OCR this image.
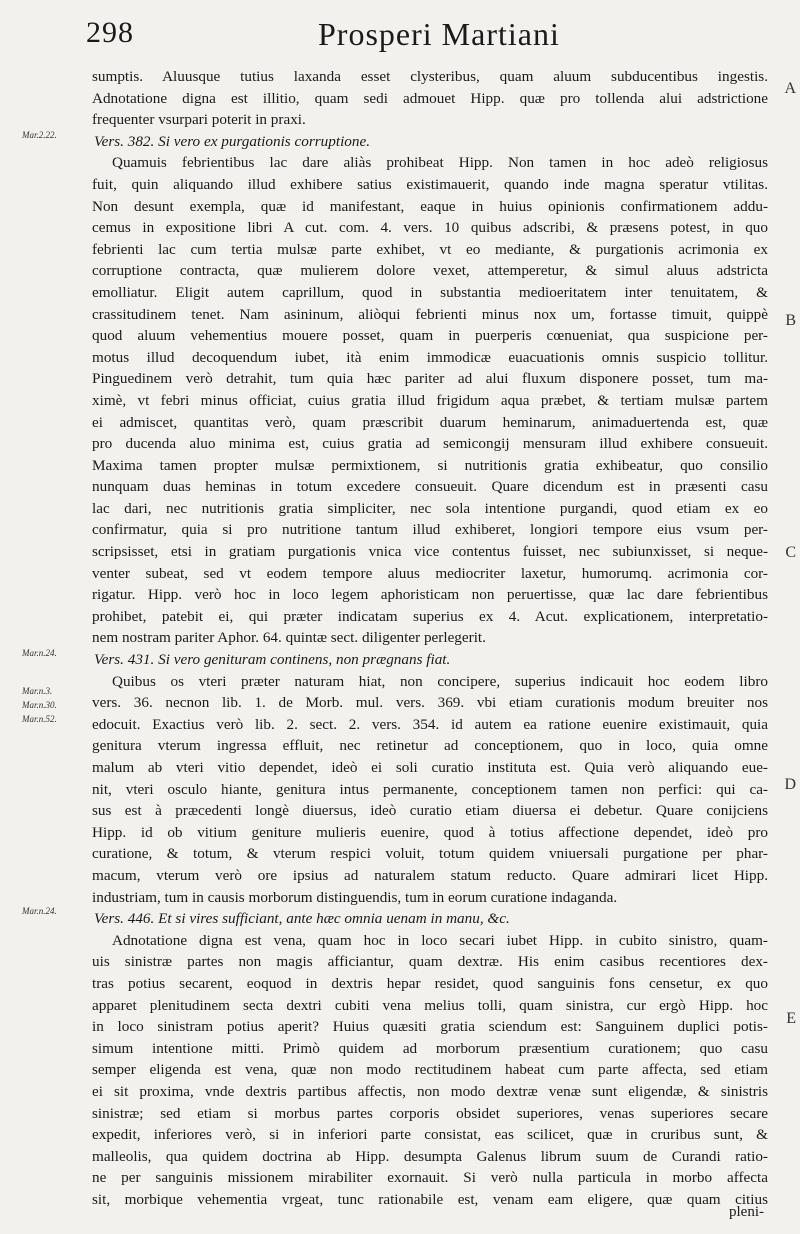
298	Prosperi Martiani
Mar.2.22.
Mar.n.24.
Mar.n.3.
Mar.n.30.
Mar.n.52.
Mar.n.24.
A
B
C
D
E
sumptis. Aluusque tutius laxanda esset clysteribus, quam aluum subducentibus ingestis.
Adnotatione digna est illitio, quam sedi admouet Hipp. quæ pro tollenda alui adstrictione
frequenter vsurpari poterit in praxi.
Vers. 382. Si vero ex purgationis corruptione.
Quamuis febrientibus lac dare aliàs prohibeat Hipp. Non tamen in hoc adeò religiosus
fuit, quin aliquando illud exhibere satius existimauerit, quando inde magna speratur vtilitas.
Non desunt exempla, quæ id manifestant, eaque in huius opinionis confirmationem addu-
cemus in expositione libri A cut. com. 4. vers. 10 quibus adscribi, & præsens potest, in quo
febrienti lac cum tertia mulsæ parte exhibet, vt eo mediante, & purgationis acrimonia ex
corruptione contracta, quæ mulierem dolore vexet, attemperetur, & simul aluus adstricta
emolliatur. Eligit autem caprillum, quod in substantia medioeritatem inter tenuitatem, &
crassitudinem tenet. Nam asininum, aliòqui febrienti minus nox um, fortasse timuit, quippè
quod aluum vehementius mouere posset, quam in puerperis cœnueniat, qua suspicione per-
motus illud decoquendum iubet, ità enim immodicæ euacuationis omnis suspicio tollitur.
Pinguedinem verò detrahit, tum quia hæc pariter ad alui fluxum disponere posset, tum ma-
ximè, vt febri minus officiat, cuius gratia illud frigidum aqua præbet, & tertiam mulsæ partem
ei admiscet, quantitas verò, quam præscribit duarum heminarum, animaduertenda est, quæ
pro ducenda aluo minima est, cuius gratia ad semicongij mensuram illud exhibere consueuit.
Maxima tamen propter mulsæ permixtionem, si nutritionis gratia exhibeatur, quo consilio
nunquam duas heminas in totum excedere consueuit. Quare dicendum est in præsenti casu
lac dari, nec nutritionis gratia simpliciter, nec sola intentione purgandi, quod etiam ex eo
confirmatur, quia si pro nutritione tantum illud exhiberet, longiori tempore eius vsum per-
scripsisset, etsi in gratiam purgationis vnica vice contentus fuisset, nec subiunxisset, si neque-
venter subeat, sed vt eodem tempore aluus mediocriter laxetur, humorumq. acrimonia cor-
rigatur. Hipp. verò hoc in loco legem aphoristicam non peruertisse, quæ lac dare febrientibus
prohibet, patebit ei, qui præter indicatam superius ex 4. Acut. explicationem, interpretatio-
nem nostram pariter Aphor. 64. quintæ sect. diligenter perlegerit.
Vers. 431. Si vero genituram continens, non prægnans fiat.
Quibus os vteri præter naturam hiat, non concipere, superius indicauit hoc eodem libro
vers. 36. necnon lib. 1. de Morb. mul. vers. 369. vbi etiam curationis modum breuiter nos
edocuit. Exactius verò lib. 2. sect. 2. vers. 354. id autem ea ratione euenire existimauit, quia
genitura vterum ingressa effluit, nec retinetur ad conceptionem, quo in loco, quia omne
malum ab vteri vitio dependet, ideò ei soli curatio instituta est. Quia verò aliquando eue-
nit, vteri osculo hiante, genitura intus permanente, conceptionem tamen non perfici: qui ca-
sus est à præcedenti longè diuersus, ideò curatio etiam diuersa ei debetur. Quare conijciens
Hipp. id ob vitium geniture mulieris euenire, quod à totius affectione dependet, ideò pro
curatione, & totum, & vterum respici voluit, totum quidem vniuersali purgatione per phar-
macum, vterum verò ore ipsius ad naturalem statum reducto. Quare admirari licet Hipp.
industriam, tum in causis morborum distinguendis, tum in eorum curatione indaganda.
Vers. 446. Et si vires sufficiant, ante hæc omnia uenam in manu, &c.
Adnotatione digna est vena, quam hoc in loco secari iubet Hipp. in cubito sinistro, quam-
uis sinistræ partes non magis afficiantur, quam dextræ. His enim casibus recentiores dex-
tras potius secarent, eoquod in dextris hepar residet, quod sanguinis fons censetur, ex quo
apparet plenitudinem secta dextri cubiti vena melius tolli, quam sinistra, cur ergò Hipp. hoc
in loco sinistram potius aperit? Huius quæsiti gratia sciendum est: Sanguinem duplici potis-
simum intentione mitti. Primò quidem ad morborum præsentium curationem; quo casu
semper eligenda est vena, quæ non modo rectitudinem habeat cum parte affecta, sed etiam
ei sit proxima, vnde dextris partibus affectis, non modo dextræ venæ sunt eligendæ, & sinistris
sinistræ; sed etiam si morbus partes corporis obsidet superiores, venas superiores secare
expedit, inferiores verò, si in inferiori parte consistat, eas scilicet, quæ in cruribus sunt, &
malleolis, qua quidem doctrina ab Hipp. desumpta Galenus librum suum de Curandi ratio-
ne per sanguinis missionem mirabiliter exornauit. Si verò nulla particula in morbo affecta
sit, morbique vehementia vrgeat, tunc rationabile est, venam eam eligere, quæ quam citius
pleni-
